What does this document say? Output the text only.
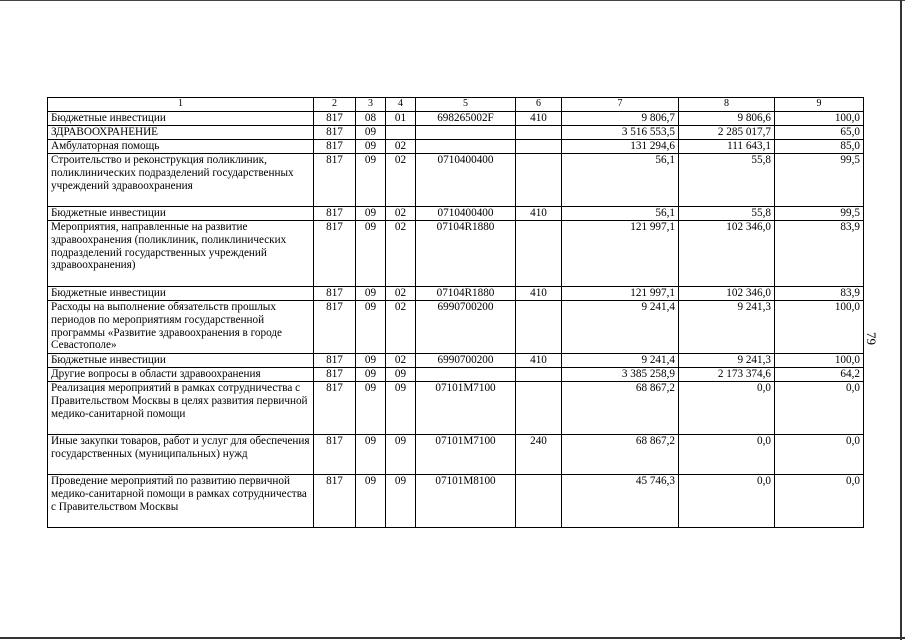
79
1	2	3	4	5	6	7	8	9
Бюджетные инвестиции	817	08	01	698265002F	410	9 806,7	9 806,6	100,0
ЗДРАВООХРАНЕНИЕ	817	09				3 516 553,5	2 285 017,7	65,0
Амбулаторная помощь	817	09	02			131 294,6	111 643,1	85,0
Строительство и реконструкция поликлиник, поликлинических подразделений государственных учреждений здравоохранения	817	09	02	0710400400		56,1	55,8	99,5
Бюджетные инвестиции	817	09	02	0710400400	410	56,1	55,8	99,5
Мероприятия, направленные на развитие здравоохранения (поликлиник, поликлинических подразделений государственных учреждений здравоохранения)	817	09	02	07104R1880		121 997,1	102 346,0	83,9
Бюджетные инвестиции	817	09	02	07104R1880	410	121 997,1	102 346,0	83,9
Расходы на выполнение обязательств прошлых периодов по мероприятиям государственной программы «Развитие здравоохранения в городе Севастополе»	817	09	02	6990700200		9 241,4	9 241,3	100,0
Бюджетные инвестиции	817	09	02	6990700200	410	9 241,4	9 241,3	100,0
Другие вопросы в области здравоохранения	817	09	09			3 385 258,9	2 173 374,6	64,2
Реализация мероприятий в рамках сотрудничества с Правительством Москвы в целях развития первичной медико-санитарной помощи	817	09	09	07101M7100		68 867,2	0,0	0,0
Иные закупки товаров, работ и услуг для обеспечения государственных (муниципальных) нужд	817	09	09	07101M7100	240	68 867,2	0,0	0,0
Проведение мероприятий по развитию первичной медико-санитарной помощи в рамках сотрудничества с Правительством Москвы	817	09	09	07101M8100		45 746,3	0,0	0,0
